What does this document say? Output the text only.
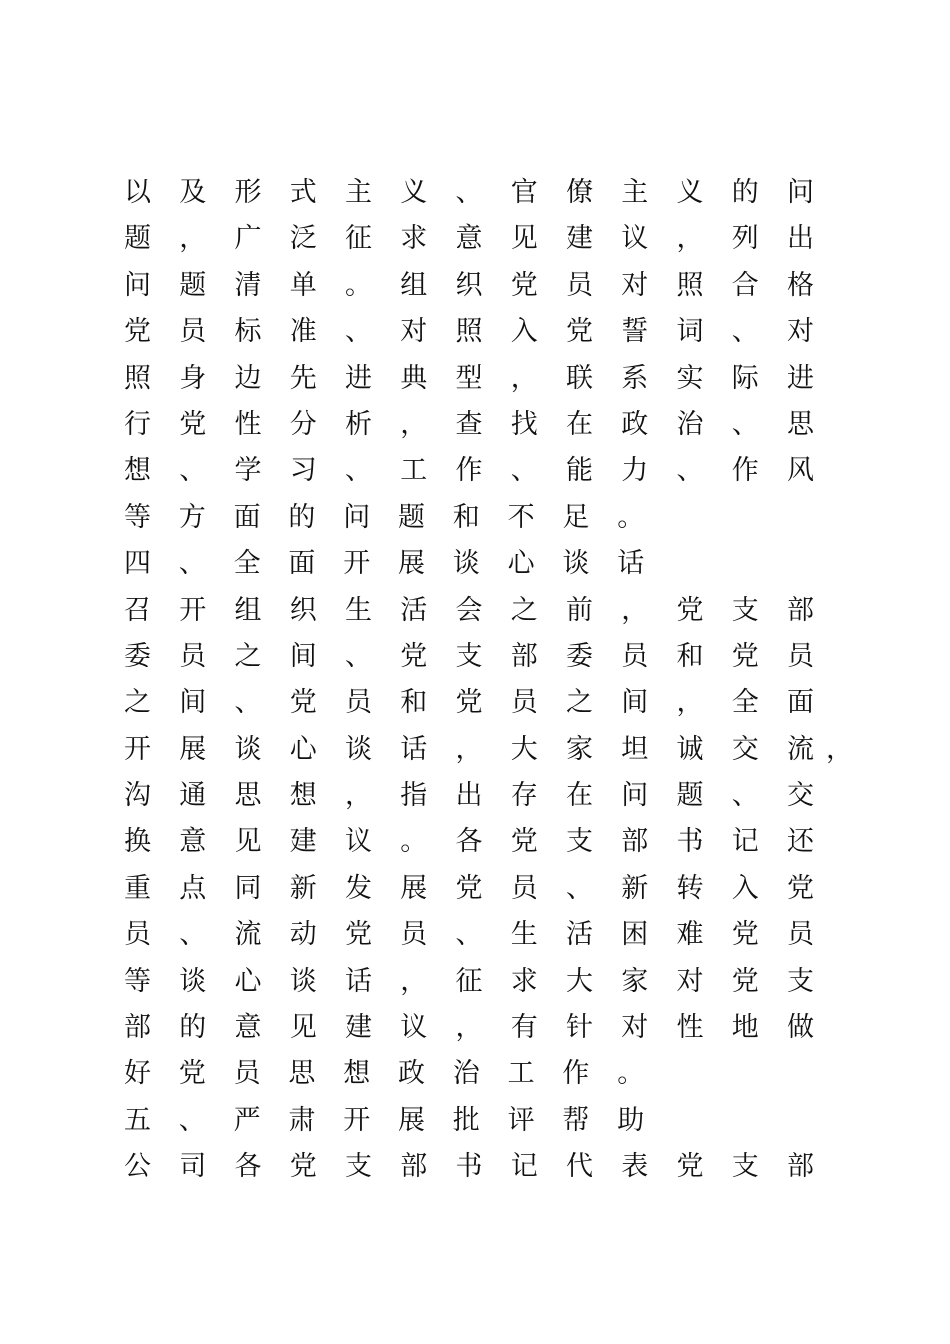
以及形式主义、官僚主义的问
题，广泛征求意见建议，列出
问题清单。组织党员对照合格
党员标准、对照入党誓词、对
照身边先进典型，联系实际进
行党性分析，查找在政治、思
想、学习、工作、能力、作风
等方面的问题和不足。
四、全面开展谈心谈话
召开组织生活会之前，党支部
委员之间、党支部委员和党员
之间、党员和党员之间，全面
开展谈心谈话，大家坦诚交流
沟通思想，指出存在问题、交
换意见建议。各党支部书记还
重点同新发展党员、新转入党
员、流动党员、生活困难党员
等谈心谈话，征求大家对党支
部的意见建议，有针对性地做
好党员思想政治工作。
五、严肃开展批评帮助
公司各党支部书记代表党支部
，
